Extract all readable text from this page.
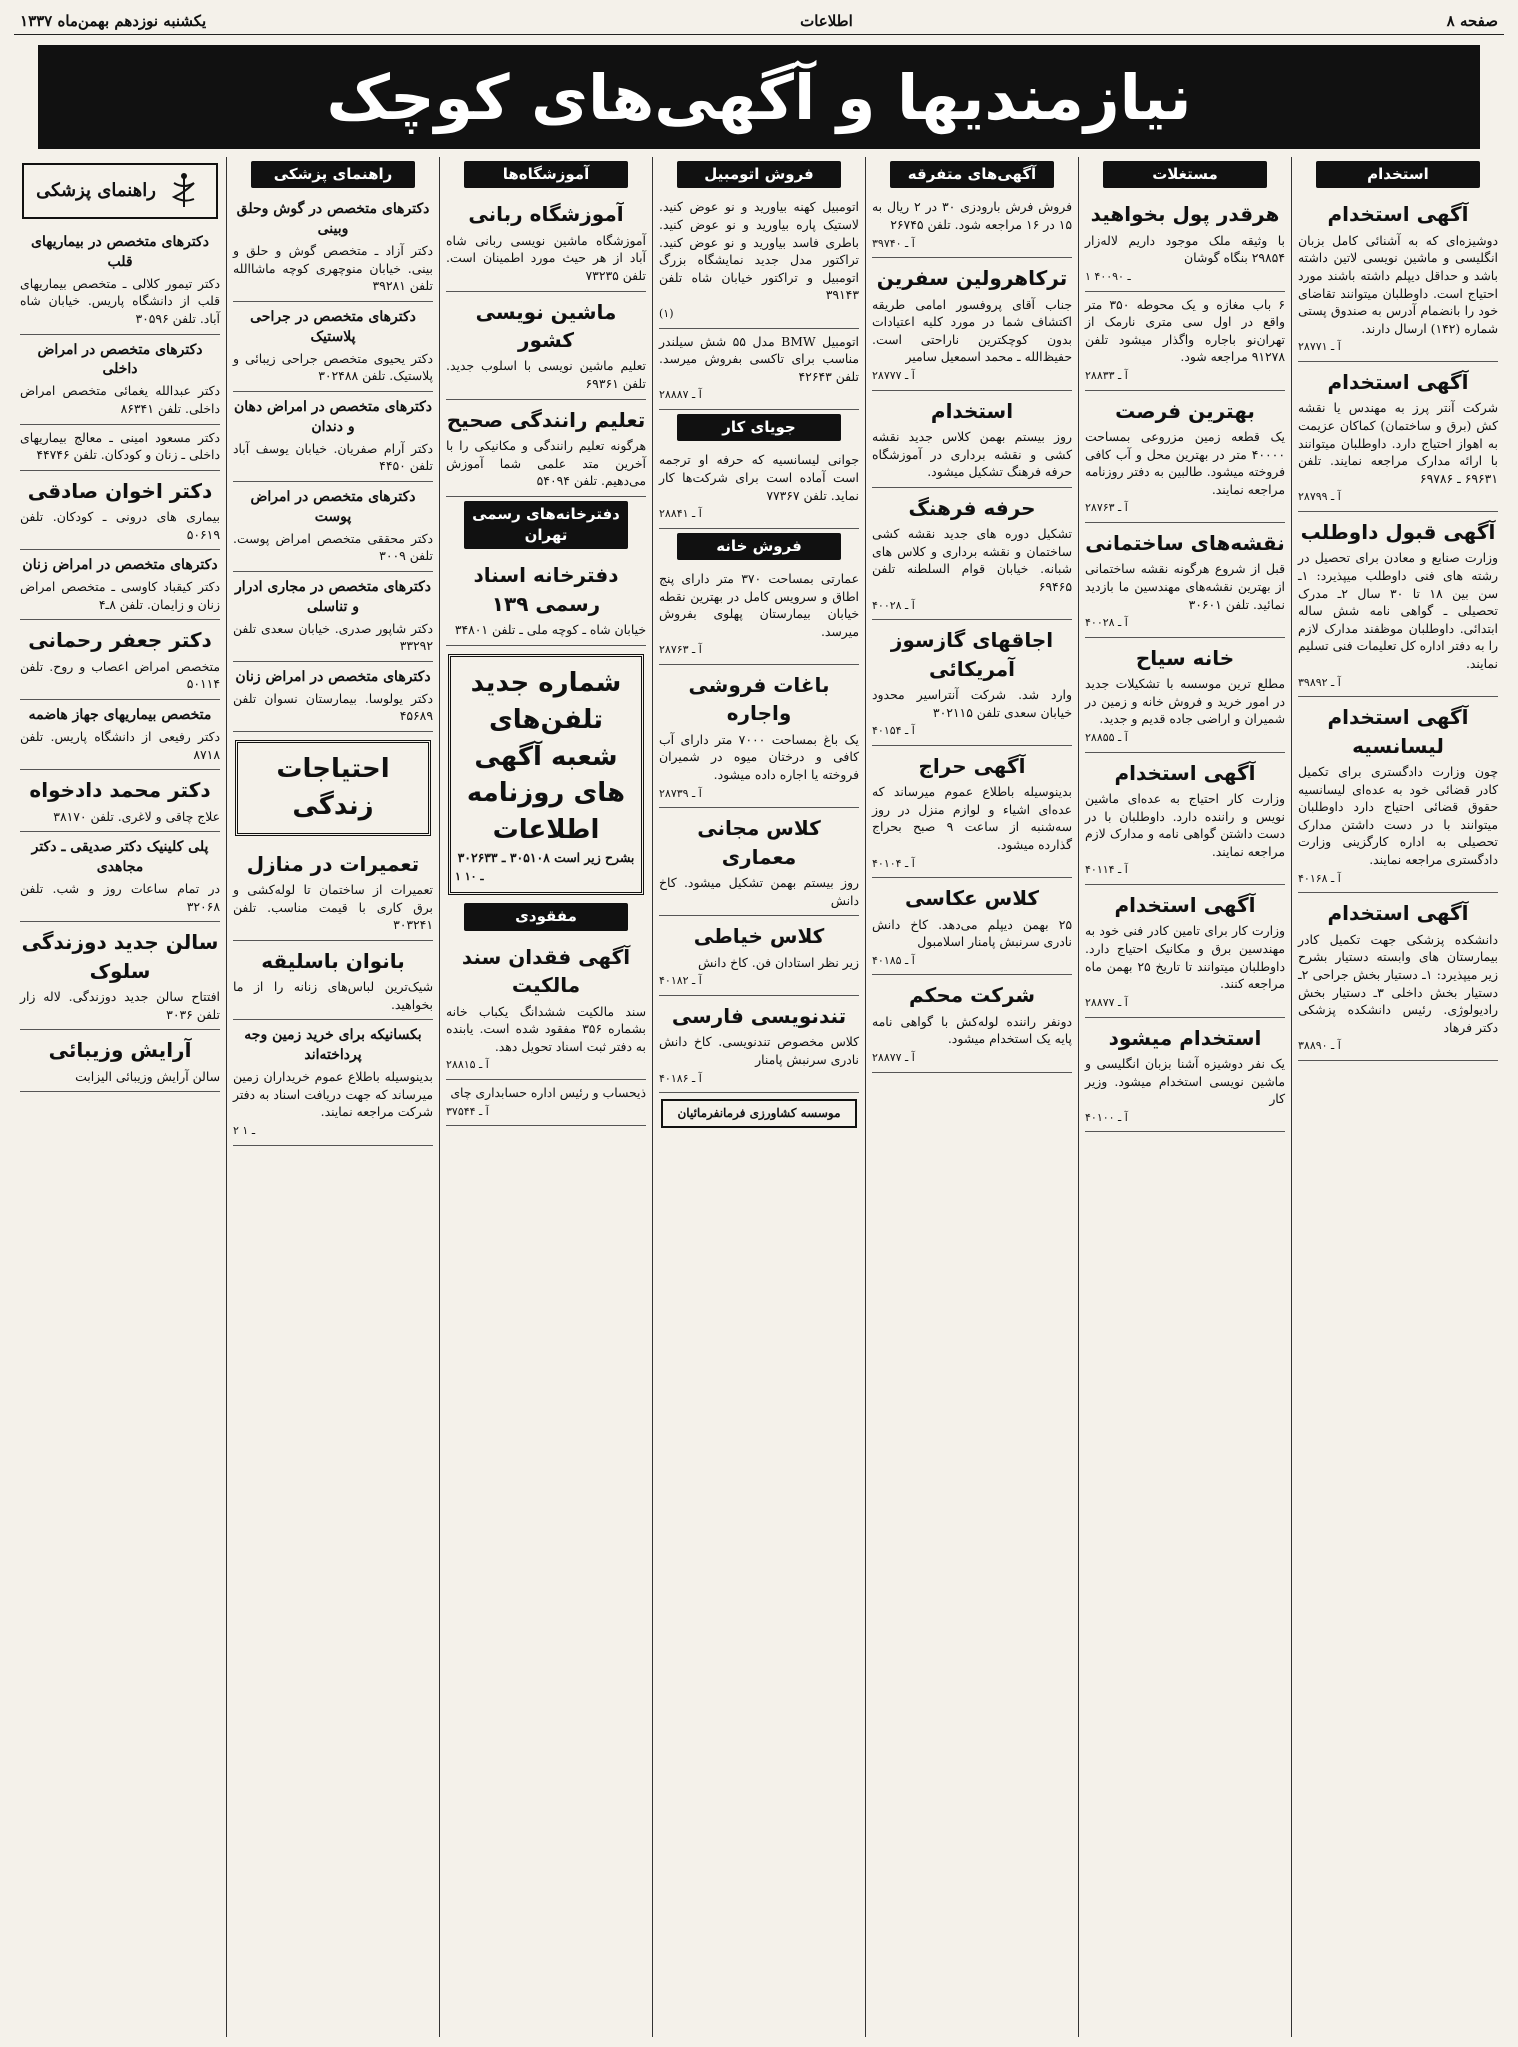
صفحه ۸
اطلاعات
یکشنبه نوزدهم بهمن‌ماه ۱۳۳۷
نیازمندیها و آگهی‌های کوچک
استخدام
آگهی استخدام

دوشیزه‌ای که به آشنائی کامل بزبان انگلیسی و ماشین نویسی لاتین داشته باشد و حداقل دیپلم داشته باشند مورد احتیاج است. داوطلبان میتوانند تقاضای خود را بانضمام آدرس به صندوق پستی شماره (۱۴۲) ارسال دارند.

آ ـ ۲۸۷۷۱
آگهی استخدام

شرکت آنتر پرز به مهندس یا نقشه کش (برق و ساختمان) کماکان عزیمت به اهواز احتیاج دارد. داوطلبان میتوانند با ارائه مدارک مراجعه نمایند. تلفن ۶۹۶۳۱ ـ ۶۹۷۸۶

آ ـ ۲۸۷۹۹
آگهی قبول داوطلب

وزارت صنایع و معادن برای تحصیل در رشته های فنی داوطلب میپذیرد: ۱ـ سن بین ۱۸ تا ۳۰ سال ۲ـ مدرک تحصیلی ـ گواهی نامه شش ساله ابتدائی. داوطلبان موظفند مدارک لازم را به دفتر اداره کل تعلیمات فنی تسلیم نمایند.

آ ـ ۳۹۸۹۲
آگهی استخدام لیسانسیه

چون وزارت دادگستری برای تکمیل کادر قضائی خود به عده‌ای لیسانسیه حقوق قضائی احتیاج دارد داوطلبان میتوانند با در دست داشتن مدارک تحصیلی به اداره کارگزینی وزارت دادگستری مراجعه نمایند.

آ ـ ۴۰۱۶۸
آگهی استخدام

دانشکده پزشکی جهت تکمیل کادر بیمارستان های وابسته دستیار بشرح زیر میپذیرد: ۱ـ دستیار بخش جراحی ۲ـ دستیار بخش داخلی ۳ـ دستیار بخش رادیولوژی. رئیس دانشکده پزشکی دکتر فرهاد

آ ـ ۳۸۸۹۰
مستغلات
هرقدر پول بخواهید

با وثیقه ملک موجود داریم لاله‌زار ۲۹۸۵۴ بنگاه گوشان

۱ ـ ۴۰۰۹۰

۶ باب مغازه و یک محوطه ۳۵۰ متر واقع در اول سی متری نارمک از تهران‌نو باجاره واگذار میشود تلفن ۹۱۲۷۸ مراجعه شود.

آ ـ ۲۸۸۳۳
بهترین فرصت

یک قطعه زمین مزروعی بمساحت ۴۰۰۰۰ متر در بهترین محل و آب کافی فروخته میشود. طالبین به دفتر روزنامه مراجعه نمایند.

آ ـ ۲۸۷۶۳
نقشه‌های ساختمانی

قبل از شروع هرگونه نقشه ساختمانی از بهترین نقشه‌های مهندسین ما بازدید نمائید. تلفن ۳۰۶۰۱

آ ـ ۴۰۰۲۸
خانه سیاح

مطلع ترین موسسه با تشکیلات جدید در امور خرید و فروش خانه و زمین در شمیران و اراضی جاده قدیم و جدید.

آ ـ ۲۸۸۵۵
آگهی استخدام

وزارت کار احتیاج به عده‌ای ماشین نویس و راننده دارد. داوطلبان با در دست داشتن گواهی نامه و مدارک لازم مراجعه نمایند.

آ ـ ۴۰۱۱۴
آگهی استخدام

وزارت کار برای تامین کادر فنی خود به مهندسین برق و مکانیک احتیاج دارد. داوطلبان میتوانند تا تاریخ ۲۵ بهمن ماه مراجعه کنند.

آ ـ ۲۸۸۷۷
استخدام میشود

یک نفر دوشیزه آشنا بزبان انگلیسی و ماشین نویسی استخدام میشود. وزیر کار

آ ـ ۴۰۱۰۰
آگهی‌های متفرقه

فروش فرش بارودزی ۳۰ در ۲ ریال به ۱۵ در ۱۶ مراجعه شود. تلفن ۲۶۷۴۵

آ ـ ۳۹۷۴۰
ترکاهرولین سفرین

جناب آقای پروفسور امامی طریقه اکتشاف شما در مورد کلیه اعتیادات بدون کوچکترین ناراحتی است. حفیظ‌الله ـ محمد اسمعیل سامیر

آ ـ ۲۸۷۷۷
استخدام

روز بیستم بهمن کلاس جدید نقشه کشی و نقشه برداری در آموزشگاه حرفه فرهنگ تشکیل میشود.

حرفه فرهنگ

تشکیل دوره های جدید نقشه کشی ساختمان و نقشه برداری و کلاس های شبانه. خیابان قوام السلطنه تلفن ۶۹۴۶۵

آ ـ ۴۰۰۲۸
اجاقهای گازسوز آمریکائی

وارد شد. شرکت آنتراسیر محدود خیابان سعدی تلفن ۳۰۲۱۱۵

آ ـ ۴۰۱۵۴
آگهی حراج

بدینوسیله باطلاع عموم میرساند که عده‌ای اشیاء و لوازم منزل در روز سه‌شنبه از ساعت ۹ صبح بحراج گذارده میشود.

آ ـ ۴۰۱۰۴
کلاس عکاسی

۲۵ بهمن دیپلم می‌دهد. کاخ دانش نادری سرنبش پامنار اسلامبول

آ ـ ۴۰۱۸۵
شرکت محکم

دونفر راننده لوله‌کش با گواهی نامه پایه یک استخدام میشود.

آ ـ ۲۸۸۷۷
فروش اتومبیل

اتومبیل کهنه بیاورید و نو عوض کنید. لاستیک پاره بیاورید و نو عوض کنید. باطری فاسد بیاورید و نو عوض کنید. تراکتور مدل جدید نمایشگاه بزرگ اتومبیل و تراکتور خیابان شاه تلفن ۳۹۱۴۳

(۱)

اتومبیل BMW مدل ۵۵ شش سیلندر مناسب برای تاکسی بفروش میرسد. تلفن ۴۲۶۴۳

آ ـ ۲۸۸۸۷
جویای کار

جوانی لیسانسیه که حرفه او ترجمه است آماده است برای شرکت‌ها کار نماید. تلفن ۷۷۳۶۷

آ ـ ۲۸۸۴۱
فروش خانه

عمارتی بمساحت ۳۷۰ متر دارای پنج اطاق و سرویس کامل در بهترین نقطه خیابان بیمارستان پهلوی بفروش میرسد.

آ ـ ۲۸۷۶۳
باغات فروشی واجاره

یک باغ بمساحت ۷۰۰۰ متر دارای آب کافی و درختان میوه در شمیران فروخته یا اجاره داده میشود.

آ ـ ۲۸۷۳۹
کلاس مجانی معماری

روز بیستم بهمن تشکیل میشود. کاخ دانش

کلاس خیاطی

زیر نظر استادان فن. کاخ دانش

آ ـ ۴۰۱۸۲
تندنویسی فارسی

کلاس مخصوص تندنویسی. کاخ دانش نادری سرنبش پامنار

آ ـ ۴۰۱۸۶
موسسه کشاورزی فرمانفرمائیان
آموزشگاه‌ها
آموزشگاه ربانی

آموزشگاه ماشین نویسی ربانی شاه آباد از هر حیث مورد اطمینان است. تلفن ۷۳۲۳۵

ماشین نویسی کشور

تعلیم ماشین نویسی با اسلوب جدید. تلفن ۶۹۳۶۱

تعلیم رانندگی صحیح

هرگونه تعلیم رانندگی و مکانیکی را با آخرین متد علمی شما آموزش می‌دهیم. تلفن ۵۴۰۹۴

دفترخانه‌های رسمی تهران
دفترخانه اسناد رسمی ۱۳۹

خیابان شاه ـ کوچه ملی ـ تلفن ۳۴۸۰۱

شماره جدید تلفن‌های شعبه آگهی های روزنامه اطلاعات

بشرح زیر است ۳۰۵۱۰۸ ـ ۳۰۲۶۳۳

۱ ـ ۱۰
مفقودی
آگهی فقدان سند مالکیت

سند مالکیت ششدانگ یکباب خانه بشماره ۳۵۶ مفقود شده است. یابنده به دفتر ثبت اسناد تحویل دهد.

آ ـ ۲۸۸۱۵

ذیحساب و رئیس اداره حسابداری چای

آ ـ ۳۷۵۴۴
راهنمای پزشکی
دکترهای متخصص در گوش وحلق وبینی

دکتر آزاد ـ متخصص گوش و حلق و بینی. خیابان منوچهری کوچه ماشاالله تلفن ۳۹۲۸۱

دکترهای متخصص در جراحی پلاستیک

دکتر یحیوی متخصص جراحی زیبائی و پلاستیک. تلفن ۳۰۲۴۸۸

دکترهای متخصص در امراض دهان و دندان

دکتر آرام صفریان. خیابان یوسف آباد تلفن ۴۴۵۰

دکترهای متخصص در امراض پوست

دکتر محققی متخصص امراض پوست. تلفن ۳۰۰۹

دکترهای متخصص در مجاری ادرار و تناسلی

دکتر شاپور صدری. خیابان سعدی تلفن ۳۳۲۹۲

دکترهای متخصص در امراض زنان

دکتر یولوسا. بیمارستان نسوان تلفن ۴۵۶۸۹

احتیاجات زندگی
تعمیرات در منازل

تعمیرات از ساختمان تا لوله‌کشی و برق کاری با قیمت مناسب. تلفن ۳۰۳۲۴۱

بانوان باسلیقه

شیک‌ترین لباس‌های زنانه را از ما بخواهید.

بکسانیکه برای خرید زمین وجه پرداخته‌اند

بدینوسیله باطلاع عموم خریداران زمین میرساند که جهت دریافت اسناد به دفتر شرکت مراجعه نمایند.

۲ ـ ۱
راهنمای پزشکی
دکترهای متخصص در بیماریهای قلب

دکتر تیمور کلالی ـ متخصص بیماریهای قلب از دانشگاه پاریس. خیابان شاه آباد. تلفن ۳۰۵۹۶

دکترهای متخصص در امراض داخلی

دکتر عبدالله یغمائی متخصص امراض داخلی. تلفن ۸۶۳۴۱

دکتر مسعود امینی ـ معالج بیماریهای داخلی ـ زنان و کودکان. تلفن ۴۴۷۴۶

دکتر اخوان صادقی

بیماری های درونی ـ کودکان. تلفن ۵۰۶۱۹

دکترهای متخصص در امراض زنان

دکتر کیقباد کاوسی ـ متخصص امراض زنان و زایمان. تلفن ۸ـ۴

دکتر جعفر رحمانی

متخصص امراض اعصاب و روح. تلفن ۵۰۱۱۴

متخصص بیماریهای جهاز هاضمه

دکتر رفیعی از دانشگاه پاریس. تلفن ۸۷۱۸

دکتر محمد دادخواه

علاج چاقی و لاغری. تلفن ۳۸۱۷۰

پلی کلینیک دکتر صدیقی ـ دکتر مجاهدی

در تمام ساعات روز و شب. تلفن ۳۲۰۶۸

سالن جدید دوزندگی سلوک

افتتاح سالن جدید دوزندگی. لاله زار تلفن ۳۰۳۶

آرایش وزیبائی

سالن آرایش وزیبائی الیزابت
